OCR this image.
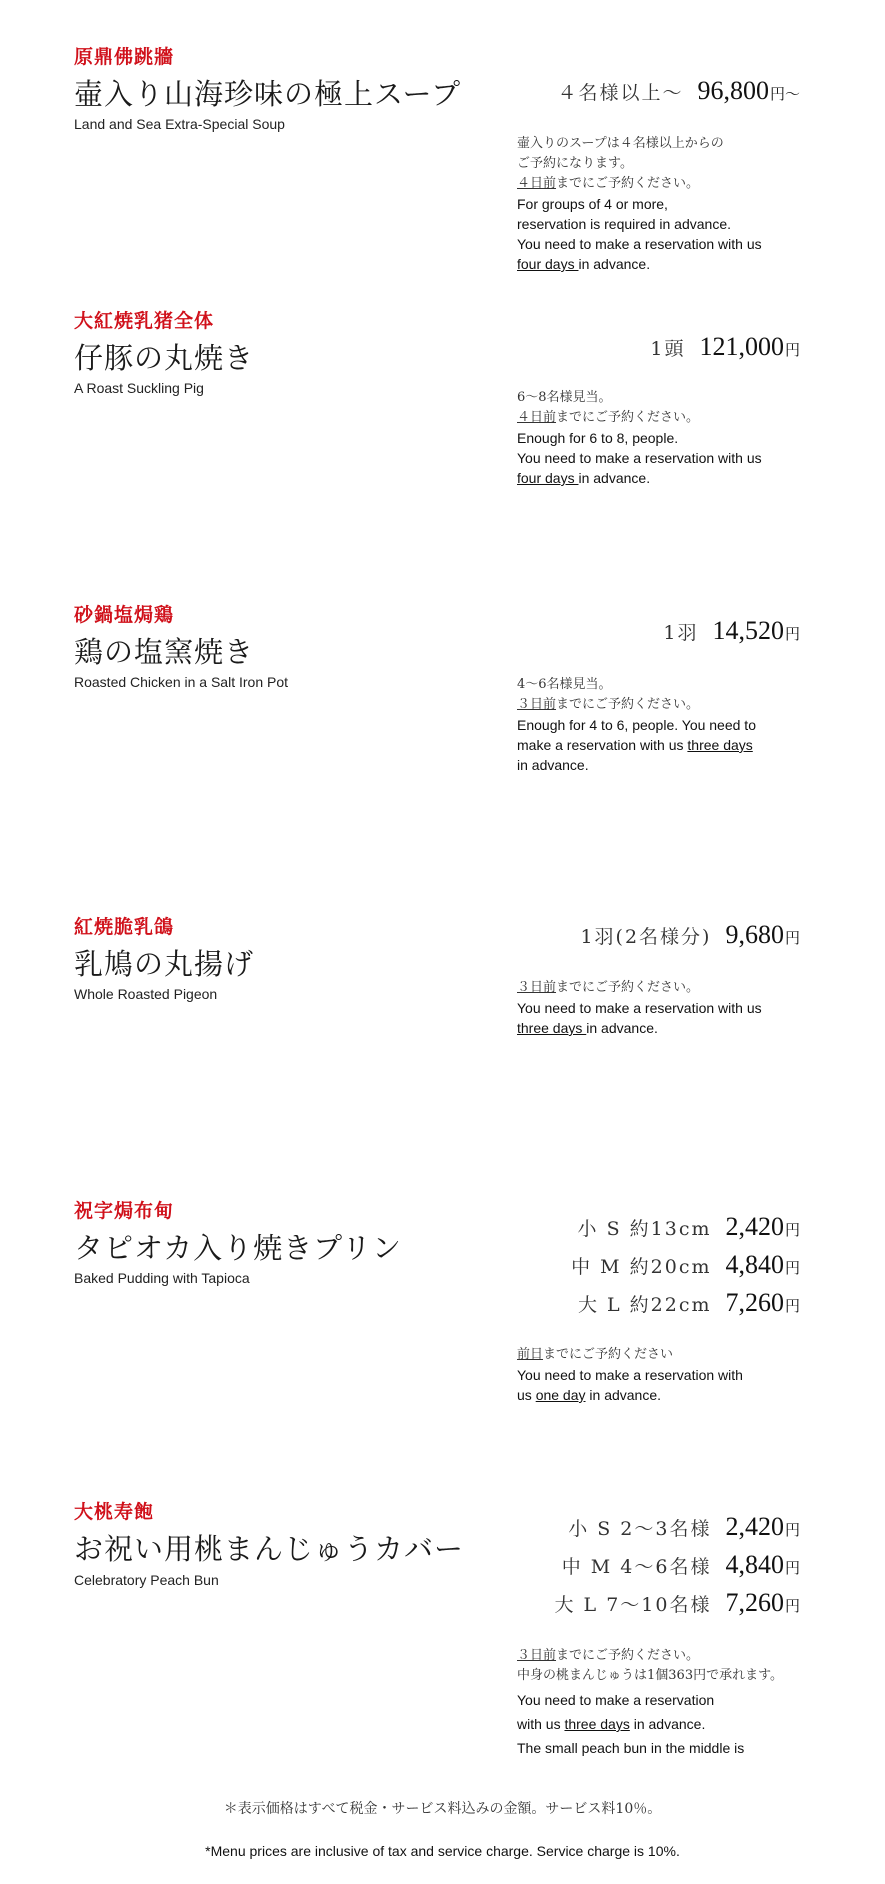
原鼎佛跳牆
壷入り山海珍味の極上スープ
Land and Sea Extra-Special Soup
４名様以上～ 96,800円～
壷入りのスープは４名様以上からの
ご予約になります。
４日前までにご予約ください。
For groups of 4 or more,
reservation is required in advance.
You need to make a reservation with us
four days in advance.
大紅焼乳猪全体
仔豚の丸焼き
A Roast Suckling Pig
1頭 121,000円
6～8名様見当。
４日前までにご予約ください。
Enough for 6 to 8, people.
You need to make a reservation with us
four days in advance.
砂鍋塩焗鶏
鶏の塩窯焼き
Roasted Chicken in a Salt Iron Pot
1羽 14,520円
4～6名様見当。
３日前までにご予約ください。
Enough for 4 to 6, people. You need to
make a reservation with us three days
in advance.
紅焼脆乳鴿
乳鳩の丸揚げ
Whole Roasted Pigeon
1羽(2名様分) 9,680円
３日前までにご予約ください。
You need to make a reservation with us
three days in advance.
祝字焗布甸
タピオカ入り焼きプリン
Baked Pudding with Tapioca
小 S 約13cm 2,420円
中 M 約20cm 4,840円
大 L 約22cm 7,260円
前日までにご予約ください
You need to make a reservation with
us one day in advance.
大桃寿飽
お祝い用桃まんじゅうカバー
Celebratory Peach Bun
小 S 2～3名様 2,420円
中 M 4～6名様 4,840円
大 L 7～10名様 7,260円
３日前までにご予約ください。
中身の桃まんじゅうは1個363円で承れます。
You need to make a reservation
with us three days in advance.
The small peach bun in the middle is
＊表示価格はすべて税金・サービス料込みの金額。サービス料10％。
*Menu prices are inclusive of tax and service charge. Service charge is 10%.
